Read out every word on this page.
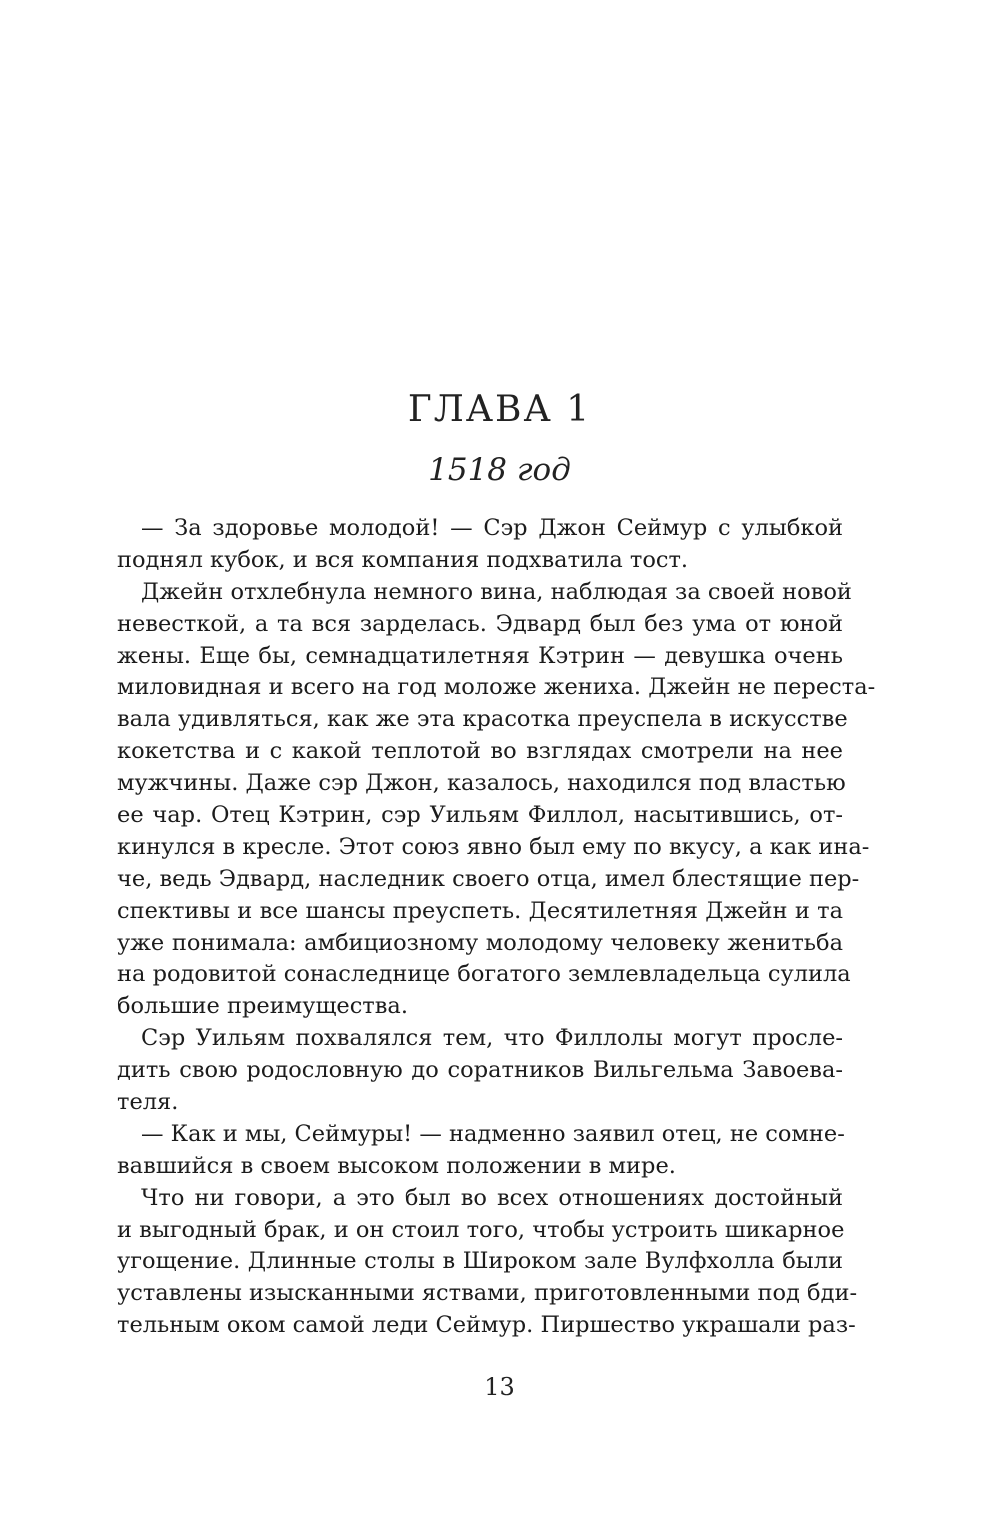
ГЛАВА 1
1518 год
— За здоровье молодой! — Сэр Джон Сеймур с улыбкой
поднял кубок, и вся компания подхватила тост.
Джейн отхлебнула немного вина, наблюдая за своей новой
невесткой, а та вся зарделась. Эдвард был без ума от юной
жены. Еще бы, семнадцатилетняя Кэтрин — девушка очень
миловидная и всего на год моложе жениха. Джейн не переста-
вала удивляться, как же эта красотка преуспела в искусстве
кокетства и с какой теплотой во взглядах смотрели на нее
мужчины. Даже сэр Джон, казалось, находился под властью
ее чар. Отец Кэтрин, сэр Уильям Филлол, насытившись, от-
кинулся в кресле. Этот союз явно был ему по вкусу, а как ина-
че, ведь Эдвард, наследник своего отца, имел блестящие пер-
спективы и все шансы преуспеть. Десятилетняя Джейн и та
уже понимала: амбициозному молодому человеку женитьба
на родовитой сонаследнице богатого землевладельца сулила
большие преимущества.
Сэр Уильям похвалялся тем, что Филлолы могут просле-
дить свою родословную до соратников Вильгельма Завоева-
теля.
— Как и мы, Сеймуры! — надменно заявил отец, не сомне-
вавшийся в своем высоком положении в мире.
Что ни говори, а это был во всех отношениях достойный
и выгодный брак, и он стоил того, чтобы устроить шикарное
угощение. Длинные столы в Широком зале Вулфхолла были
уставлены изысканными яствами, приготовленными под бди-
тельным оком самой леди Сеймур. Пиршество украшали раз-
13
